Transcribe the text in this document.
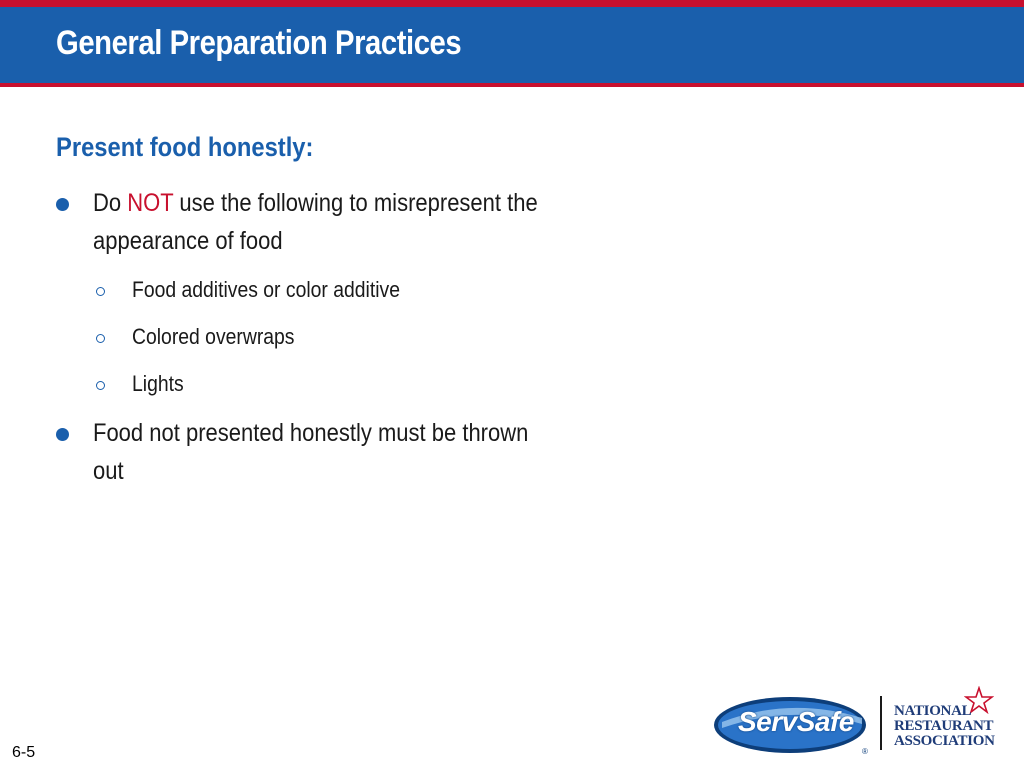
General Preparation Practices
Present food honestly:
Do NOT use the following to misrepresent the appearance of food
Food additives or color additive
Colored overwraps
Lights
Food not presented honestly must be thrown out
6-5	®
ServSafe	NATIONAL
RESTAURANT
ASSOCIATION
